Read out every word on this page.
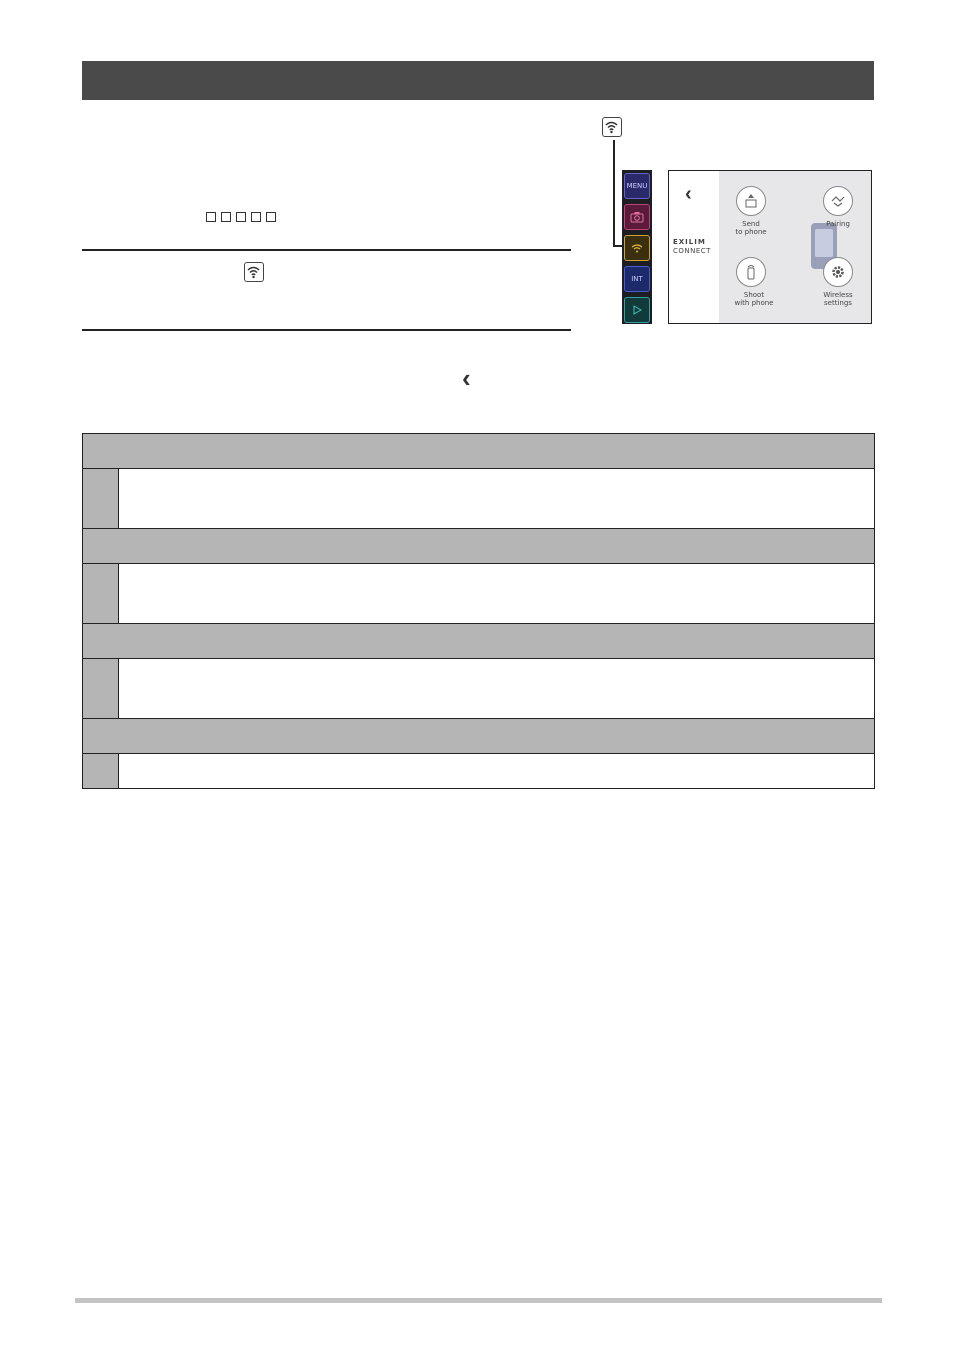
‹
MENU
INT
‹
EXILIM
CONNECT
Send
to phone
Pairing
Shoot
with phone
Wireless
settings
